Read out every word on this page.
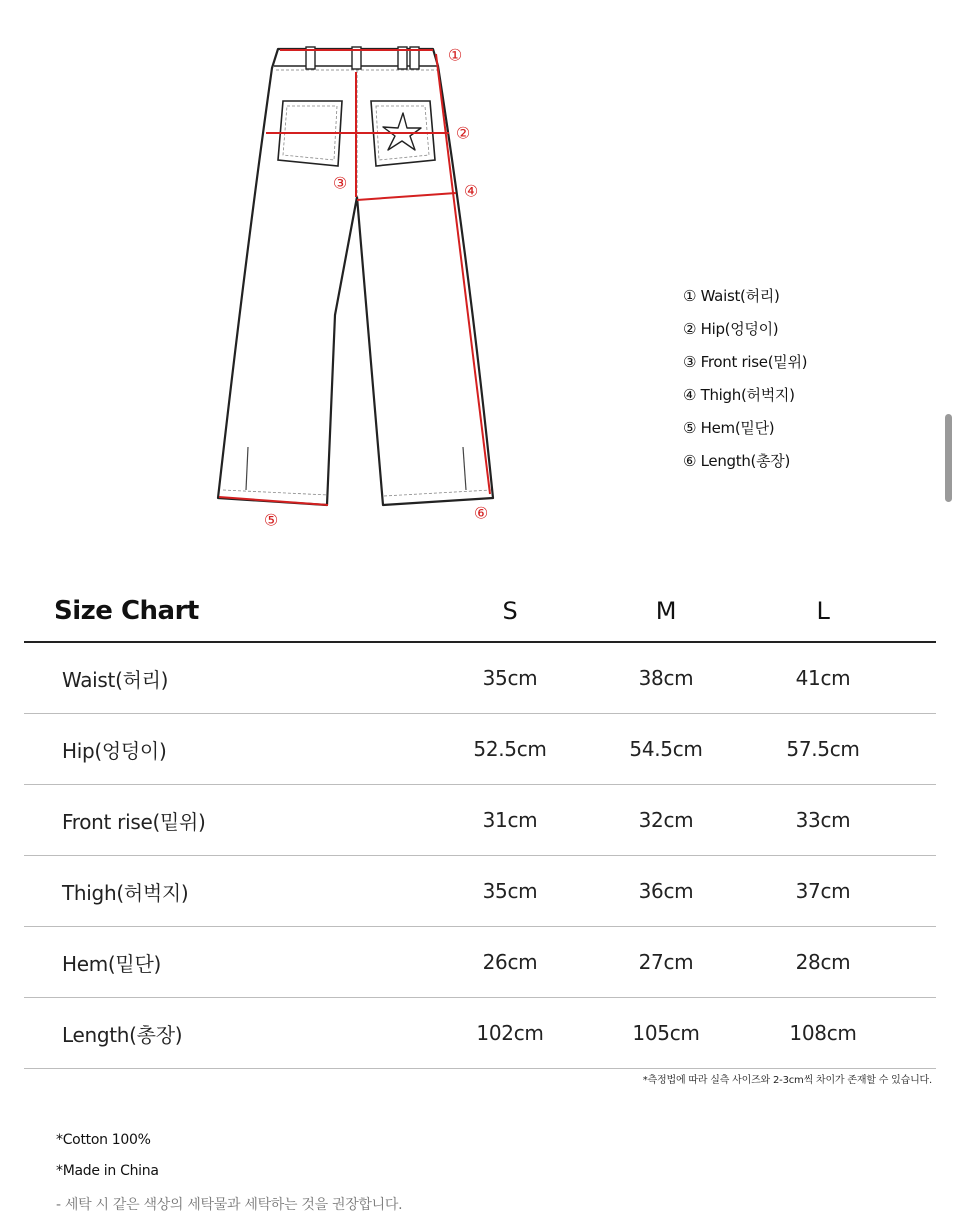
①
②
③	④
⑤	⑥
① Waist(허리)
② Hip(엉덩이)
③ Front rise(밑위)
④ Thigh(허벅지)
⑤ Hem(밑단)
⑥ Length(총장)
Size Chart	S	M	L
Waist(허리)	35cm	38cm	41cm
Hip(엉덩이)	52.5cm	54.5cm	57.5cm
Front rise(밑위)	31cm	32cm	33cm
Thigh(허벅지)	35cm	36cm	37cm
Hem(밑단)	26cm	27cm	28cm
Length(총장)	102cm	105cm	108cm
*측정법에 따라 실측 사이즈와 2-3cm씩 차이가 존재할 수 있습니다.
*Cotton 100%
*Made in China
- 세탁 시 같은 색상의 세탁물과 세탁하는 것을 권장합니다.
